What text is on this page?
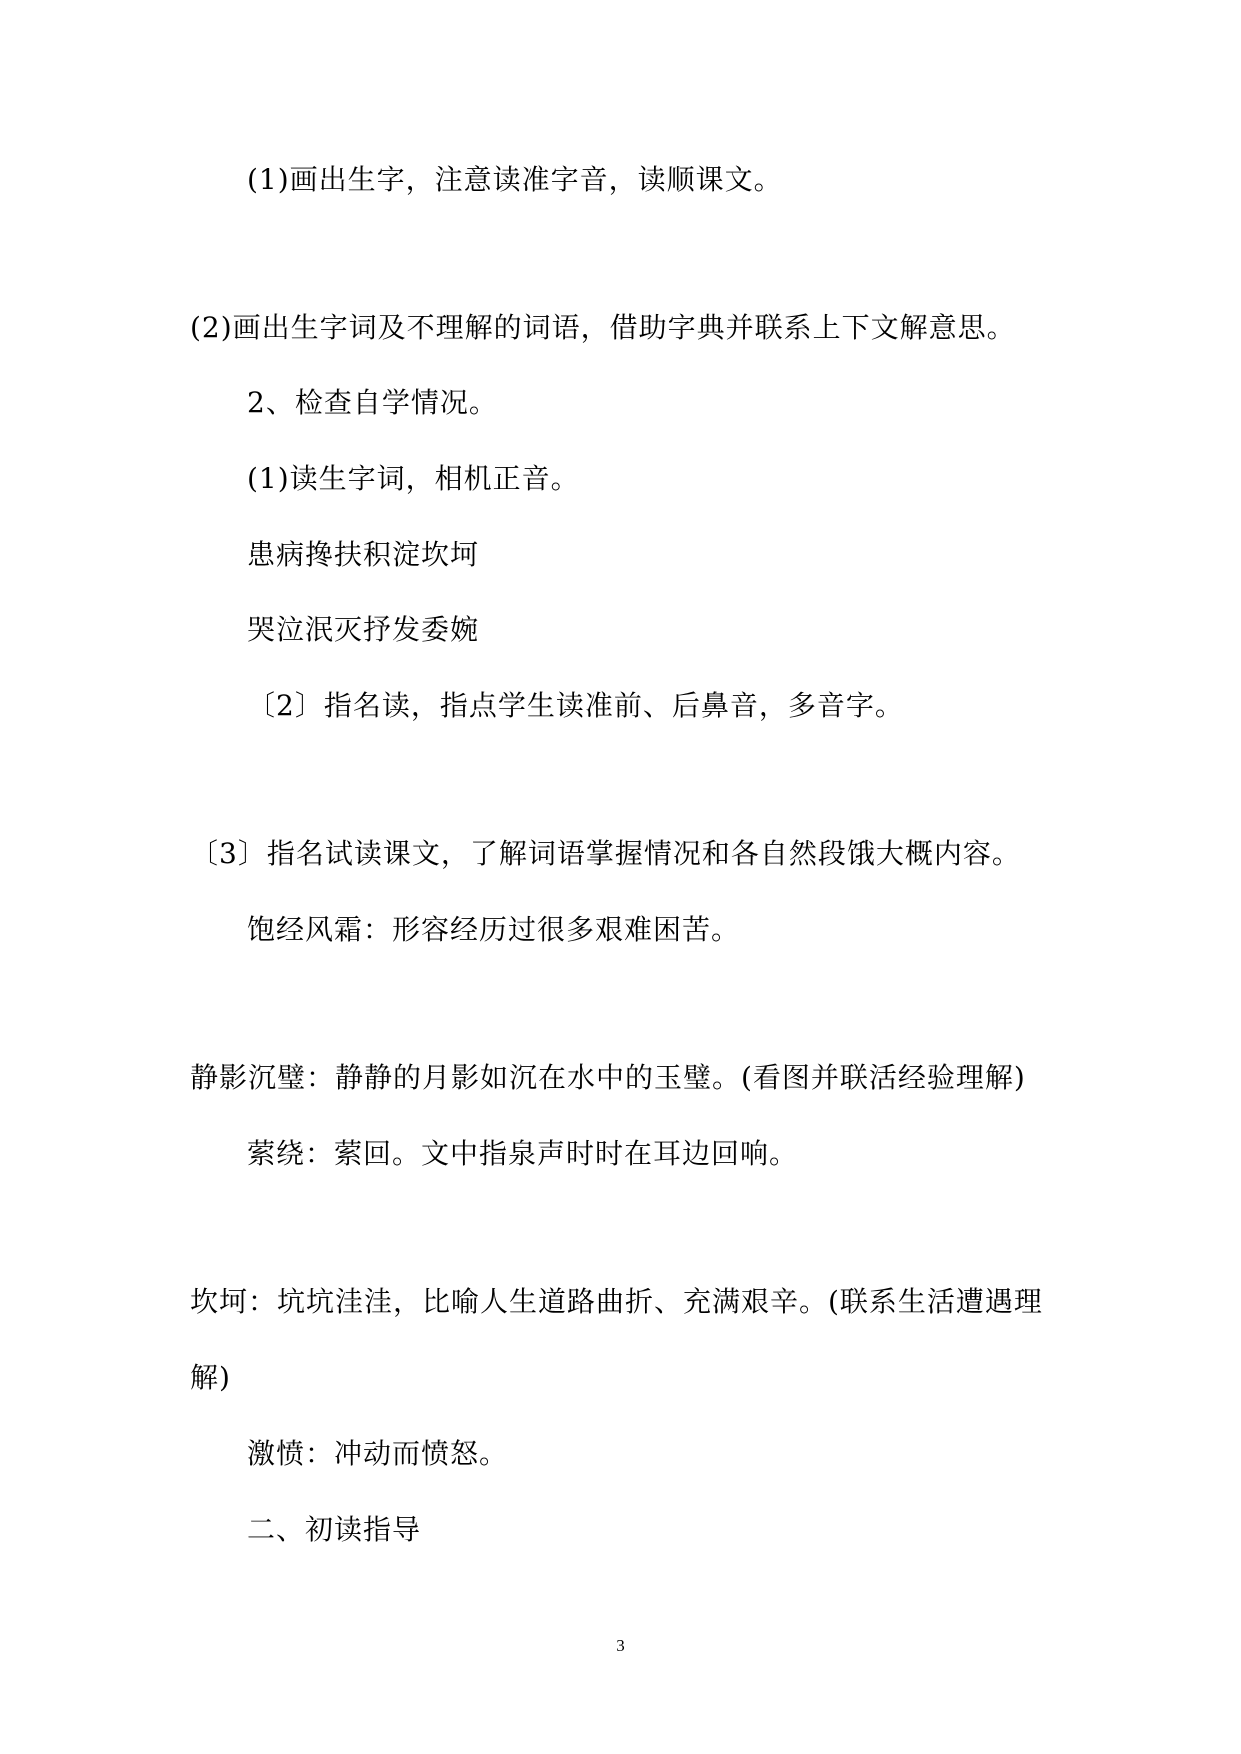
(1)画出生字，注意读准字音，读顺课文。
(2)画出生字词及不理解的词语，借助字典并联系上下文解意思。
2、检查自学情况。
(1)读生字词，相机正音。
患病搀扶积淀坎坷
哭泣泯灭抒发委婉
〔2〕指名读，指点学生读准前、后鼻音，多音字。
〔3〕指名试读课文，了解词语掌握情况和各自然段饿大概内容。
饱经风霜：形容经历过很多艰难困苦。
静影沉璧：静静的月影如沉在水中的玉璧。(看图并联活经验理解)
萦绕：萦回。文中指泉声时时在耳边回响。
坎坷：坑坑洼洼，比喻人生道路曲折、充满艰辛。(联系生活遭遇理
解)
激愤：冲动而愤怒。
二、初读指导
3
